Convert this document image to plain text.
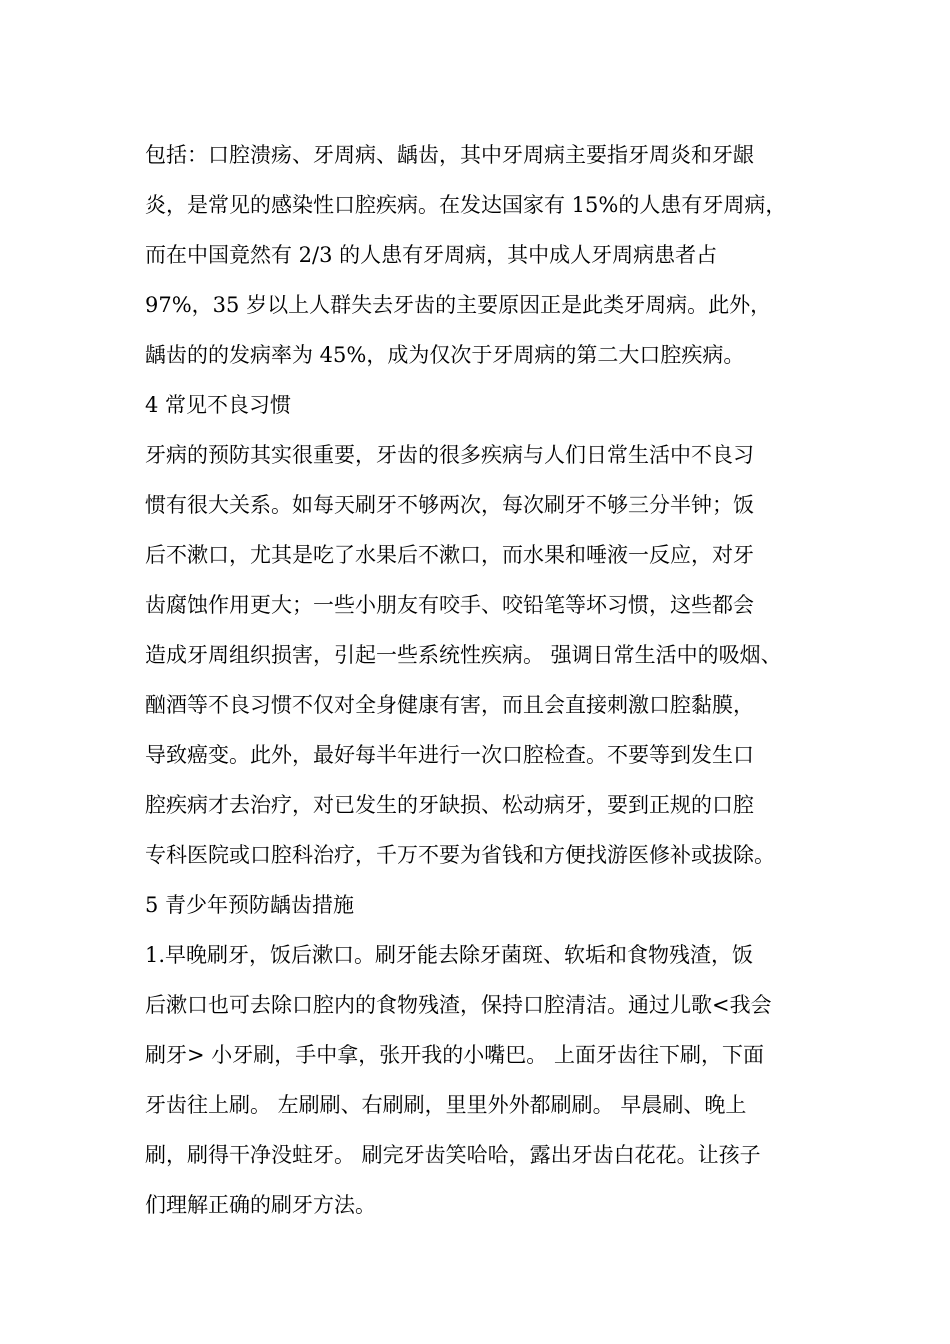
包括：口腔溃疡、牙周病、龋齿，其中牙周病主要指牙周炎和牙龈
炎，是常见的感染性口腔疾病。在发达国家有 15%的人患有牙周病，
而在中国竟然有 2/3 的人患有牙周病，其中成人牙周病患者占
97%，35 岁以上人群失去牙齿的主要原因正是此类牙周病。此外，
龋齿的的发病率为 45%，成为仅次于牙周病的第二大口腔疾病。
4 常见不良习惯
牙病的预防其实很重要，牙齿的很多疾病与人们日常生活中不良习
惯有很大关系。如每天刷牙不够两次，每次刷牙不够三分半钟；饭
后不漱口，尤其是吃了水果后不漱口，而水果和唾液一反应，对牙
齿腐蚀作用更大；一些小朋友有咬手、咬铅笔等坏习惯，这些都会
造成牙周组织损害，引起一些系统性疾病。 强调日常生活中的吸烟、
酗酒等不良习惯不仅对全身健康有害，而且会直接刺激口腔黏膜，
导致癌变。此外，最好每半年进行一次口腔检查。不要等到发生口
腔疾病才去治疗，对已发生的牙缺损、松动病牙，要到正规的口腔
专科医院或口腔科治疗，千万不要为省钱和方便找游医修补或拔除。
5 青少年预防龋齿措施
1.早晚刷牙，饭后漱口。刷牙能去除牙菌斑、软垢和食物残渣，饭
后漱口也可去除口腔内的食物残渣，保持口腔清洁。通过儿歌<我会
刷牙> 小牙刷，手中拿，张开我的小嘴巴。 上面牙齿往下刷，下面
牙齿往上刷。 左刷刷、右刷刷，里里外外都刷刷。 早晨刷、晚上
刷，刷得干净没蛀牙。 刷完牙齿笑哈哈，露出牙齿白花花。让孩子
们理解正确的刷牙方法。
